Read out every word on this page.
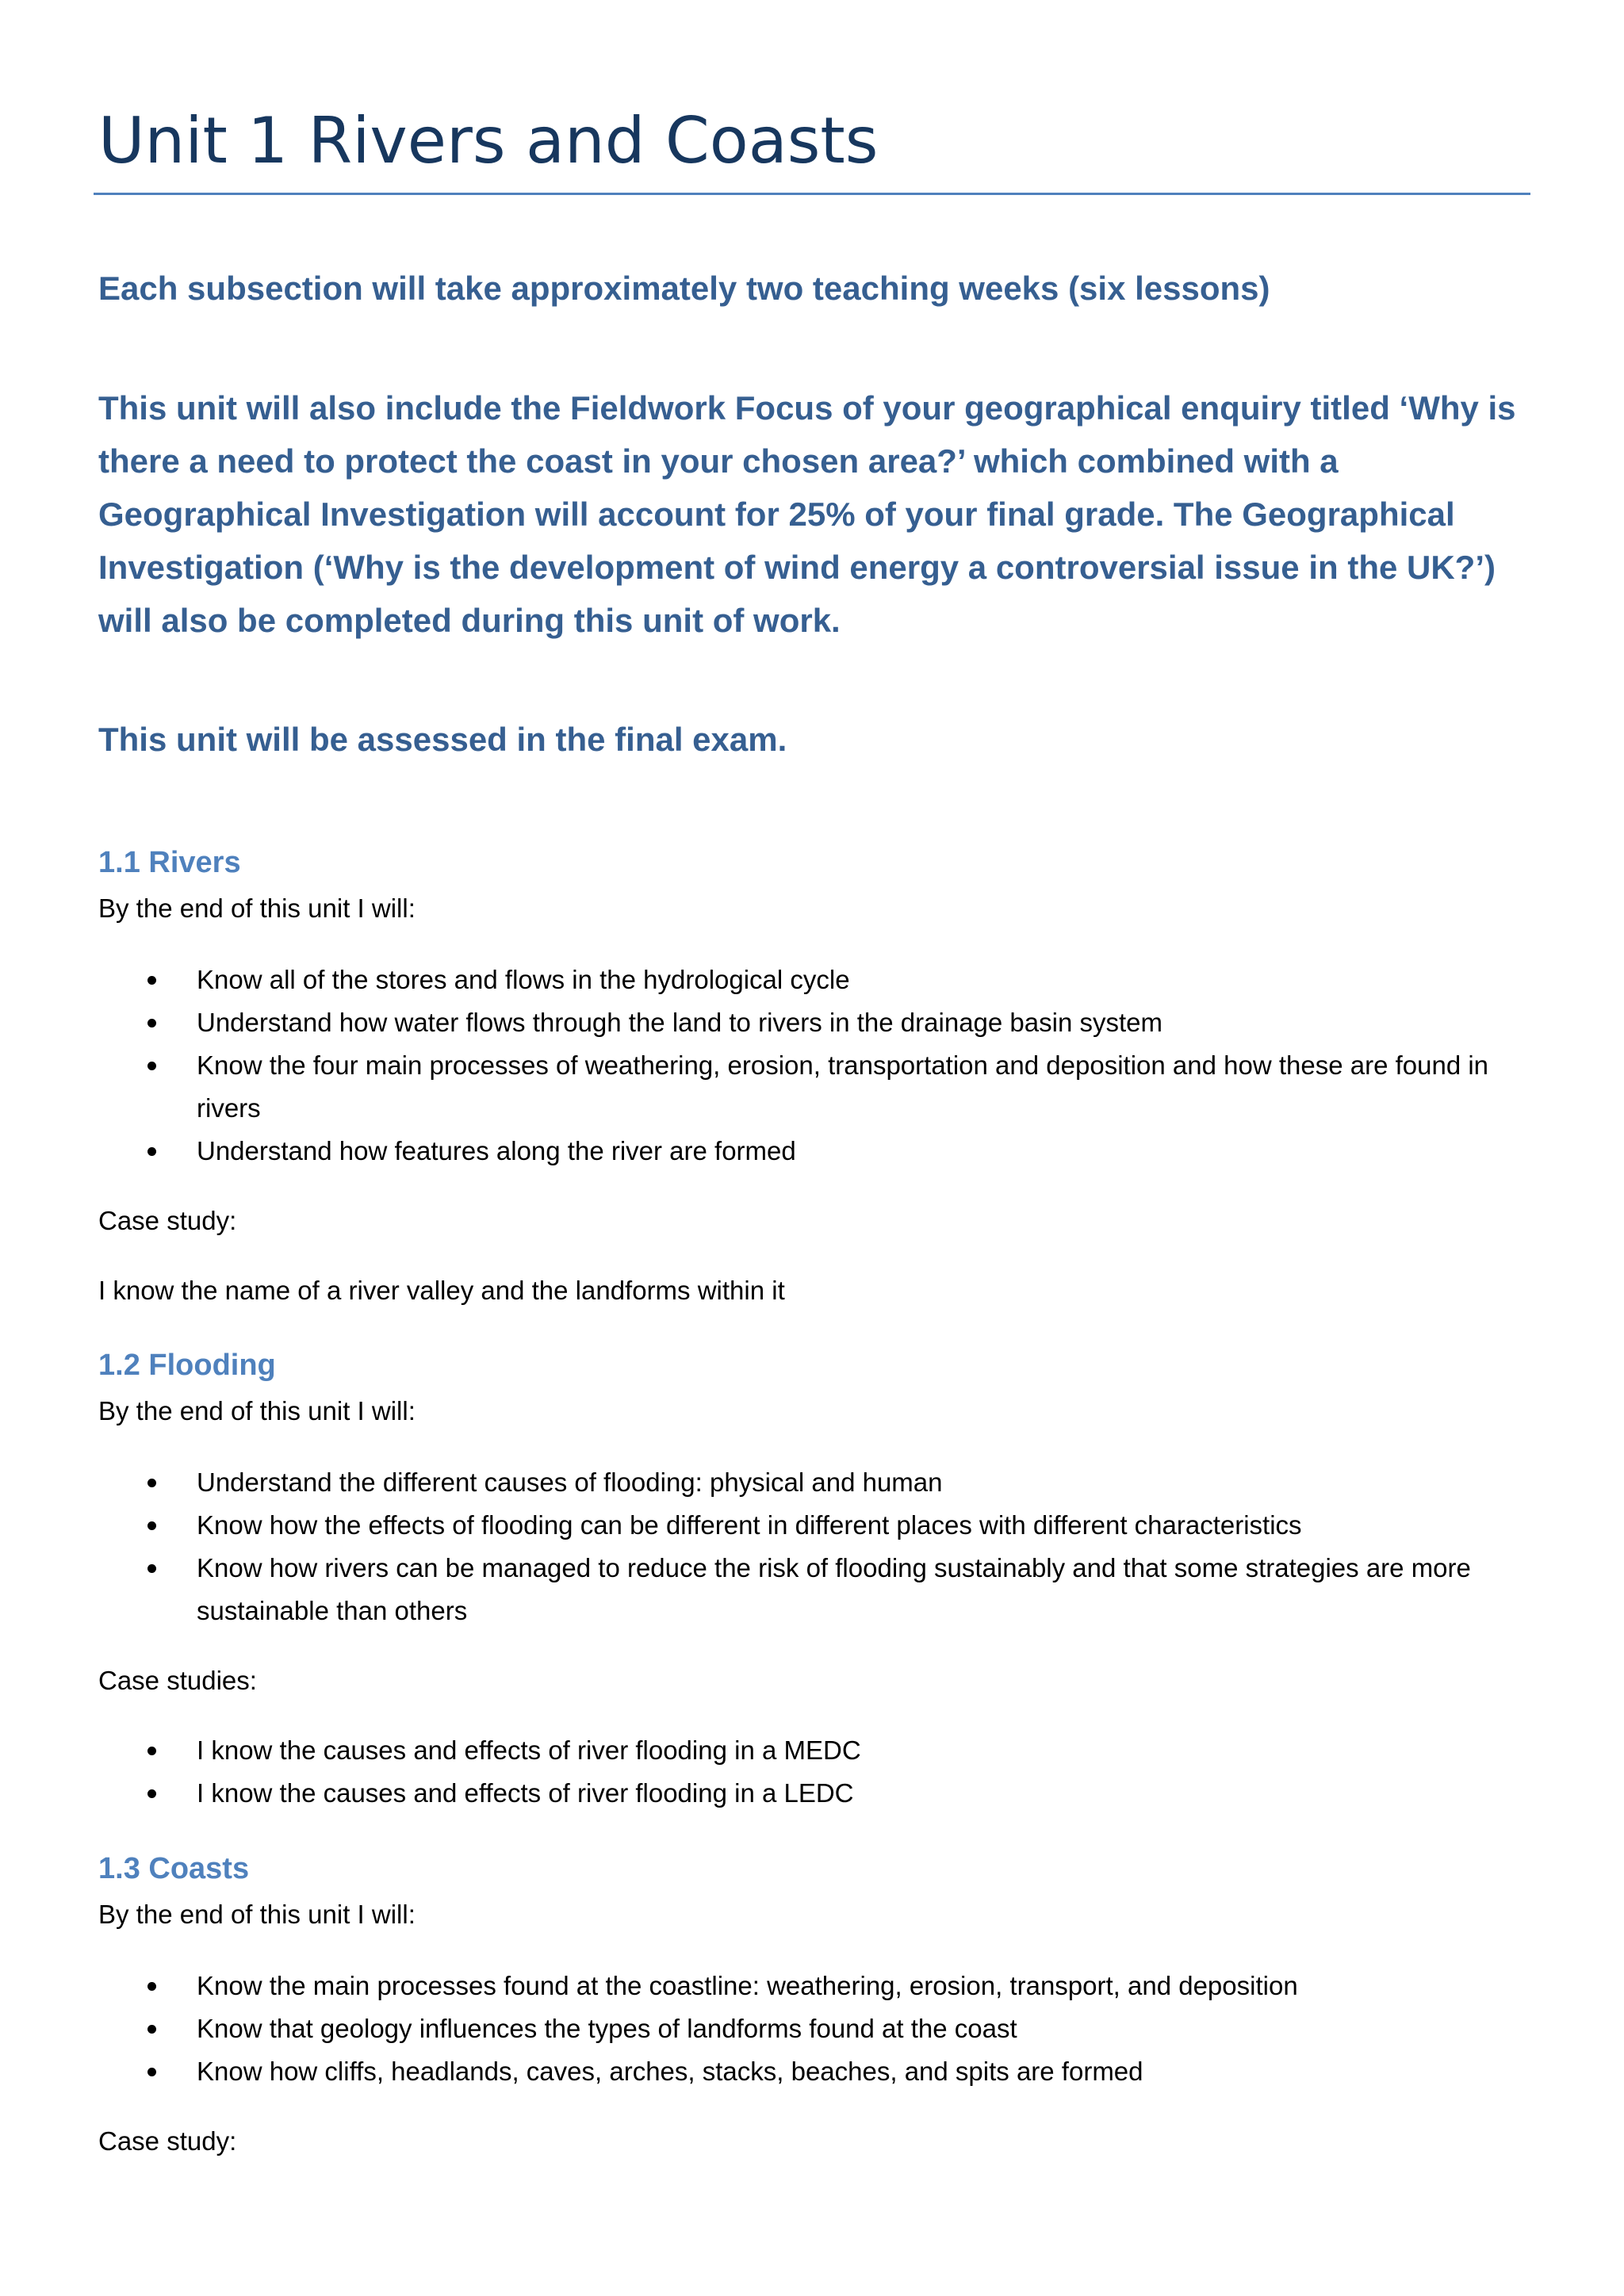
Unit 1 Rivers and Coasts

Each subsection will take approximately two teaching weeks (six lessons)

This unit will also include the Fieldwork Focus of your geographical enquiry titled ‘Why is there a need to protect the coast in your chosen area?’ which combined with a Geographical Investigation will account for 25% of your final grade. The Geographical Investigation (‘Why is the development of wind energy a controversial issue in the UK?’) will also be completed during this unit of work.

This unit will be assessed in the final exam.

1.1 Rivers

By the end of this unit I will:

Know all of the stores and flows in the hydrological cycle
Understand how water flows through the land to rivers in the drainage basin system
Know the four main processes of weathering, erosion, transportation and deposition and how these are found in rivers
Understand how features along the river are formed

Case study:

I know the name of a river valley and the landforms within it

1.2 Flooding

By the end of this unit I will:

Understand the different causes of flooding: physical and human
Know how the effects of flooding can be different in different places with different characteristics
Know how rivers can be managed to reduce the risk of flooding sustainably and that some strategies are more sustainable than others

Case studies:

I know the causes and effects of river flooding in a MEDC
I know the causes and effects of river flooding in a LEDC
1.3 Coasts

By the end of this unit I will:

Know the main processes found at the coastline: weathering, erosion, transport, and deposition
Know that geology influences the types of landforms found at the coast
Know how cliffs, headlands, caves, arches, stacks, beaches, and spits are formed

Case study:
